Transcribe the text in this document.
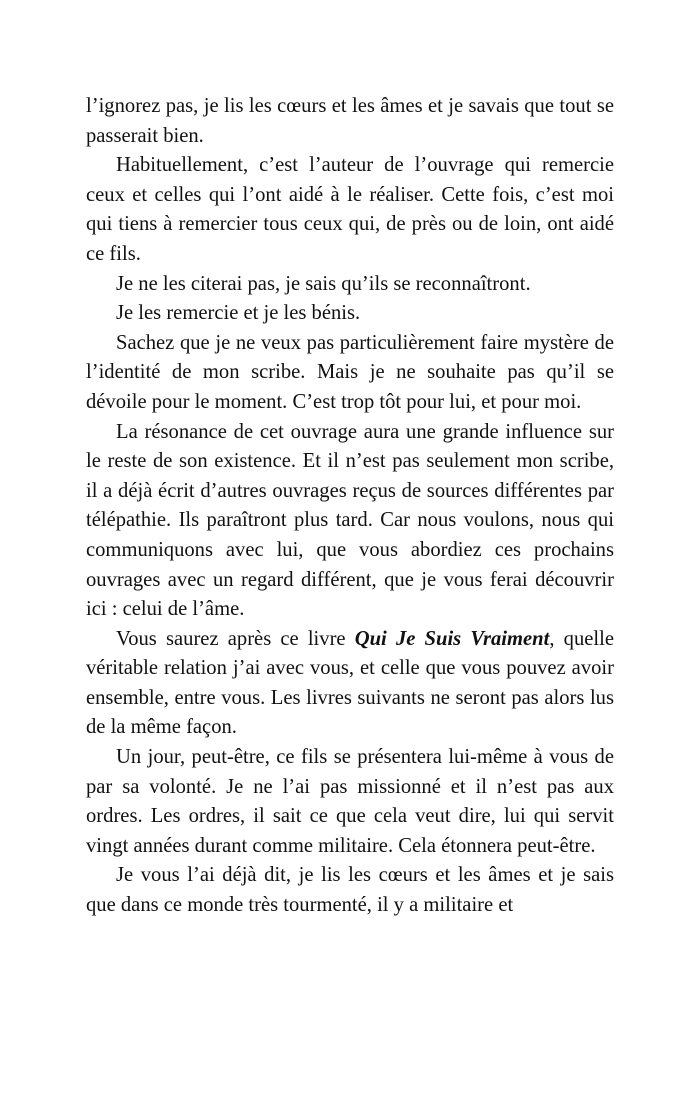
l’ignorez pas, je lis les cœurs et les âmes et je savais que tout se passerait bien.

Habituellement, c’est l’auteur de l’ouvrage qui remercie ceux et celles qui l’ont aidé à le réaliser. Cette fois, c’est moi qui tiens à remercier tous ceux qui, de près ou de loin, ont aidé ce fils.

Je ne les citerai pas, je sais qu’ils se reconnaîtront.

Je les remercie et je les bénis.

Sachez que je ne veux pas particulièrement faire mystère de l’identité de mon scribe. Mais je ne souhaite pas qu’il se dévoile pour le moment. C’est trop tôt pour lui, et pour moi.

La résonance de cet ouvrage aura une grande influence sur le reste de son existence. Et il n’est pas seulement mon scribe, il a déjà écrit d’autres ouvrages reçus de sources différentes par télépathie. Ils paraîtront plus tard. Car nous voulons, nous qui communiquons avec lui, que vous abordiez ces prochains ouvrages avec un regard différent, que je vous ferai découvrir ici : celui de l’âme.

Vous saurez après ce livre Qui Je Suis Vraiment, quelle véritable relation j’ai avec vous, et celle que vous pouvez avoir ensemble, entre vous. Les livres suivants ne seront pas alors lus de la même façon.

Un jour, peut-être, ce fils se présentera lui-même à vous de par sa volonté. Je ne l’ai pas missionné et il n’est pas aux ordres. Les ordres, il sait ce que cela veut dire, lui qui servit vingt années durant comme militaire. Cela étonnera peut-être.

Je vous l’ai déjà dit, je lis les cœurs et les âmes et je sais que dans ce monde très tourmenté, il y a militaire et
